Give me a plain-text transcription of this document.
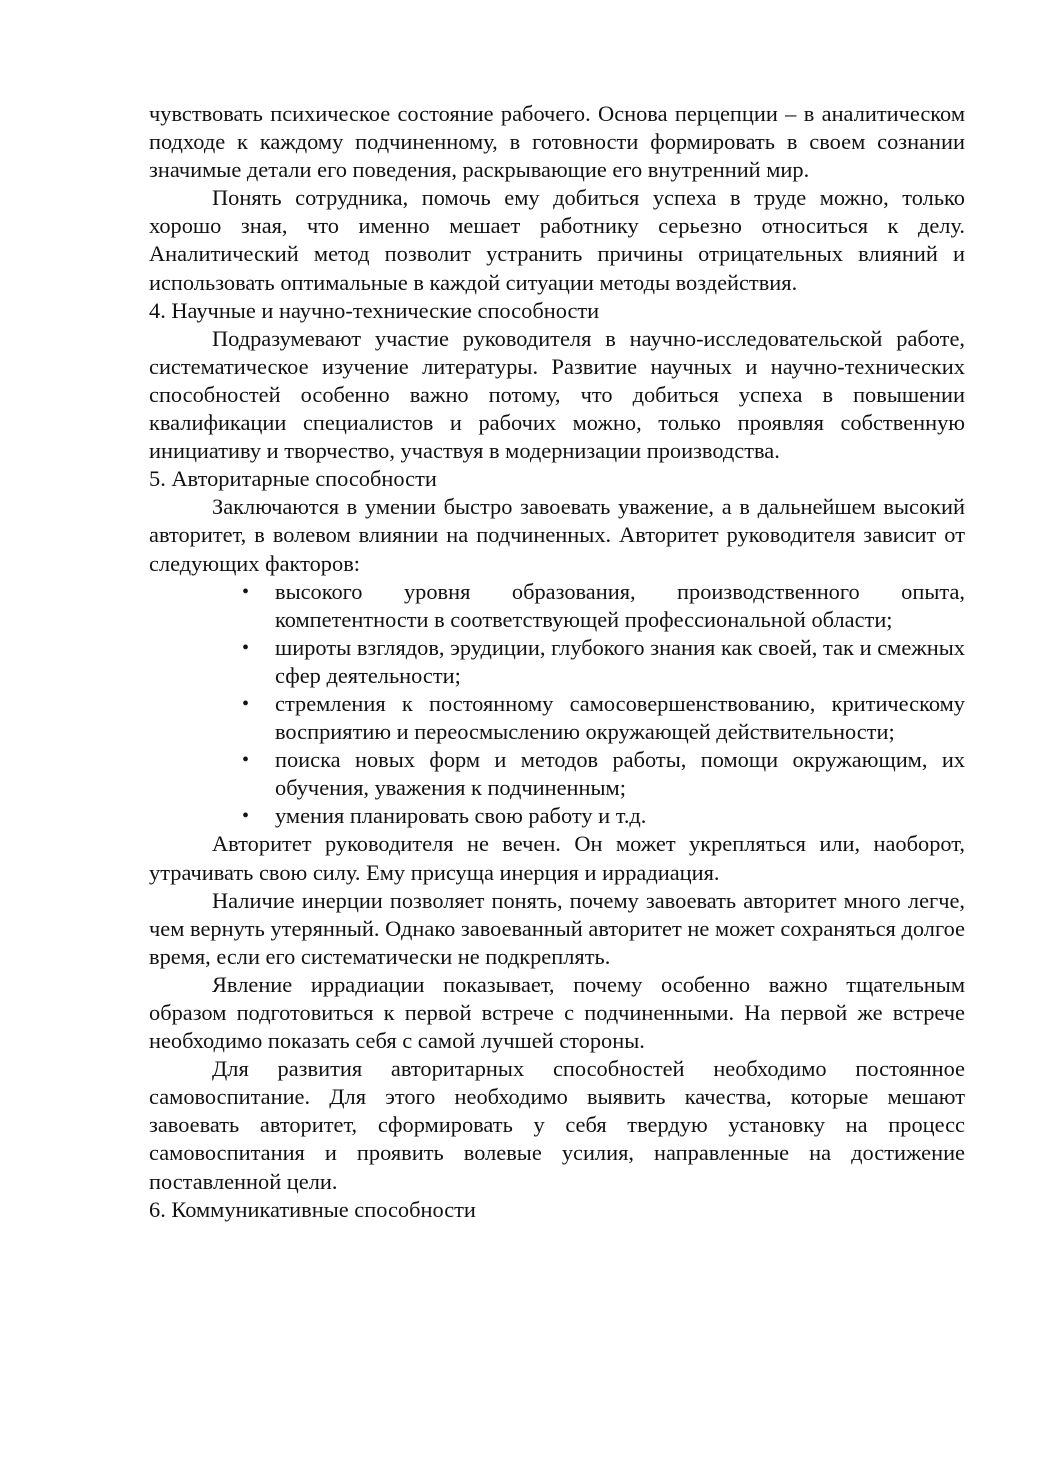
чувствовать психическое состояние рабочего. Основа перцепции – в аналитическом подходе к каждому подчиненному, в готовности формировать в своем сознании значимые детали его поведения, раскрывающие его внутренний мир.

Понять сотрудника, помочь ему добиться успеха в труде можно, только хорошо зная, что именно мешает работнику серьезно относиться к делу. Аналитический метод позволит устранить причины отрицательных влияний и использовать оптимальные в каждой ситуации методы воздействия.

4. Научные и научно-технические способности

Подразумевают участие руководителя в научно-исследовательской работе, систематическое изучение литературы. Развитие научных и научно-технических способностей особенно важно потому, что добиться успеха в повышении квалификации специалистов и рабочих можно, только проявляя собственную инициативу и творчество, участвуя в модернизации производства.

5. Авторитарные способности

Заключаются в умении быстро завоевать уважение, а в дальнейшем высокий авторитет, в волевом влиянии на подчиненных. Авторитет руководителя зависит от следующих факторов:

• высокого уровня образования, производственного опыта, компетентности в соответствующей профессиональной области;
• широты взглядов, эрудиции, глубокого знания как своей, так и смежных сфер деятельности;
• стремления к постоянному самосовершенствованию, критическому восприятию и переосмыслению окружающей действительности;
• поиска новых форм и методов работы, помощи окружающим, их обучения, уважения к подчиненным;
• умения планировать свою работу и т.д.

Авторитет руководителя не вечен. Он может укрепляться или, наоборот, утрачивать свою силу. Ему присуща инерция и иррадиация.

Наличие инерции позволяет понять, почему завоевать авторитет много легче, чем вернуть утерянный. Однако завоеванный авторитет не может сохраняться долгое время, если его систематически не подкреплять.

Явление иррадиации показывает, почему особенно важно тщательным образом подготовиться к первой встрече с подчиненными. На первой же встрече необходимо показать себя с самой лучшей стороны.

Для развития авторитарных способностей необходимо постоянное самовоспитание. Для этого необходимо выявить качества, которые мешают завоевать авторитет, сформировать у себя твердую установку на процесс самовоспитания и проявить волевые усилия, направленные на достижение поставленной цели.

6. Коммуникативные способности
